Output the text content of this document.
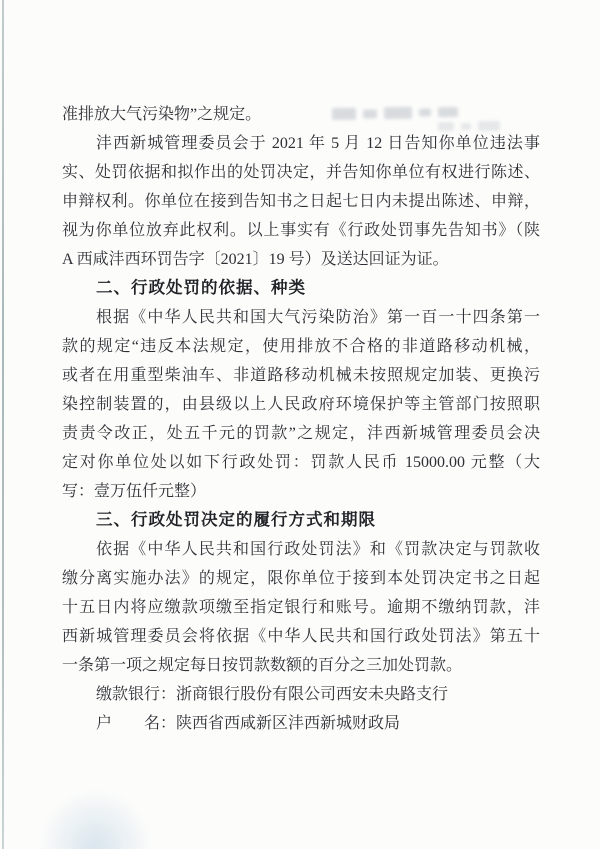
准排放大气污染物”之规定。
沣西新城管理委员会于 2021 年 5 月 12 日告知你单位违法事
实、处罚依据和拟作出的处罚决定，并告知你单位有权进行陈述、
申辩权利。你单位在接到告知书之日起七日内未提出陈述、申辩，
视为你单位放弃此权利。以上事实有《行政处罚事先告知书》（陕
A 西咸沣西环罚告字〔2021〕19 号）及送达回证为证。
二、行政处罚的依据、种类
根据《中华人民共和国大气污染防治》第一百一十四条第一
款的规定“违反本法规定，使用排放不合格的非道路移动机械，
或者在用重型柴油车、非道路移动机械未按照规定加装、更换污
染控制装置的，由县级以上人民政府环境保护等主管部门按照职
责责令改正，处五千元的罚款”之规定，沣西新城管理委员会决
定对你单位处以如下行政处罚：罚款人民币 15000.00 元整（大
写：壹万伍仟元整）
三、行政处罚决定的履行方式和期限
依据《中华人民共和国行政处罚法》和《罚款决定与罚款收
缴分离实施办法》的规定，限你单位于接到本处罚决定书之日起
十五日内将应缴款项缴至指定银行和账号。逾期不缴纳罚款，沣
西新城管理委员会将依据《中华人民共和国行政处罚法》第五十
一条第一项之规定每日按罚款数额的百分之三加处罚款。
缴款银行：浙商银行股份有限公司西安未央路支行
户　　名：陕西省西咸新区沣西新城财政局
